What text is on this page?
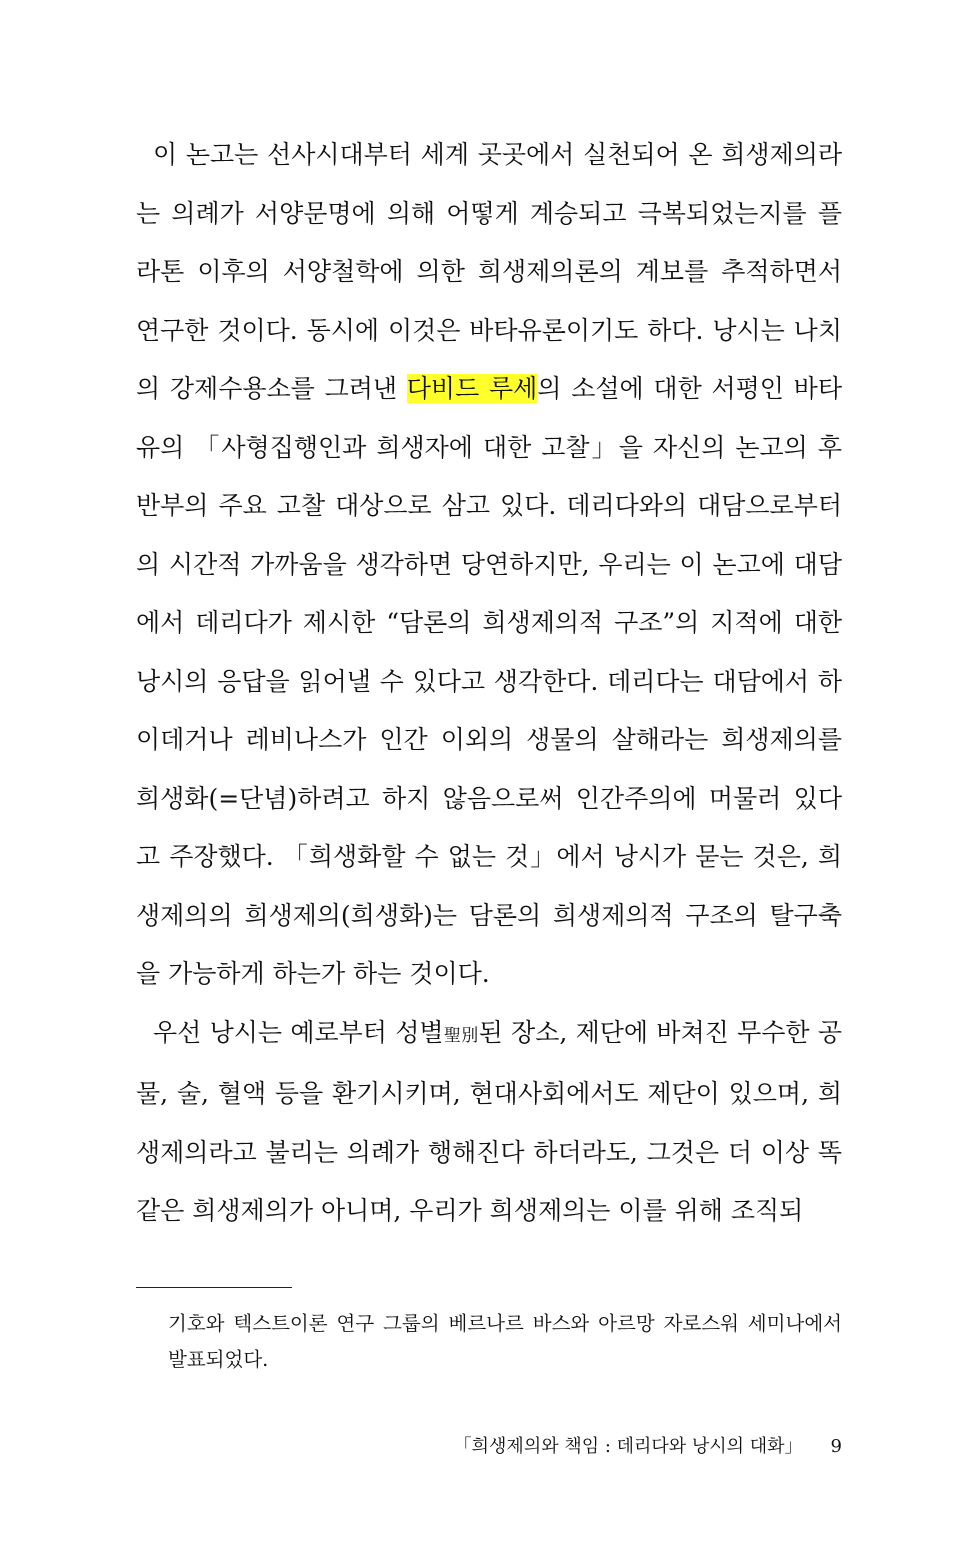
이 논고는 선사시대부터 세계 곳곳에서 실천되어 온 희생제의라는 의례가 서양문명에 의해 어떻게 계승되고 극복되었는지를 플라톤 이후의 서양철학에 의한 희생제의론의 계보를 추적하면서 연구한 것이다. 동시에 이것은 바타유론이기도 하다. 낭시는 나치의 강제수용소를 그려낸 다비드 루세의 소설에 대한 서평인 바타유의 「사형집행인과 희생자에 대한 고찰」을 자신의 논고의 후반부의 주요 고찰 대상으로 삼고 있다. 데리다와의 대담으로부터의 시간적 가까움을 생각하면 당연하지만, 우리는 이 논고에 대담에서 데리다가 제시한 “담론의 희생제의적 구조”의 지적에 대한 낭시의 응답을 읽어낼 수 있다고 생각한다. 데리다는 대담에서 하이데거나 레비나스가 인간 이외의 생물의 살해라는 희생제의를 희생화(=단념)하려고 하지 않음으로써 인간주의에 머물러 있다고 주장했다. 「희생화할 수 없는 것」에서 낭시가 묻는 것은, 희생제의의 희생제의(희생화)는 담론의 희생제의적 구조의 탈구축을 가능하게 하는가 하는 것이다.

우선 낭시는 예로부터 성별聖別된 장소, 제단에 바쳐진 무수한 공물, 술, 혈액 등을 환기시키며, 현대사회에서도 제단이 있으며, 희생제의라고 불리는 의례가 행해진다 하더라도, 그것은 더 이상 똑같은 희생제의가 아니며, 우리가 희생제의는 이를 위해 조직되

기호와 텍스트이론 연구 그룹의 베르나르 바스와 아르망 자로스워 세미나에서 발표되었다.
「희생제의와 책임 : 데리다와 낭시의 대화」 9
